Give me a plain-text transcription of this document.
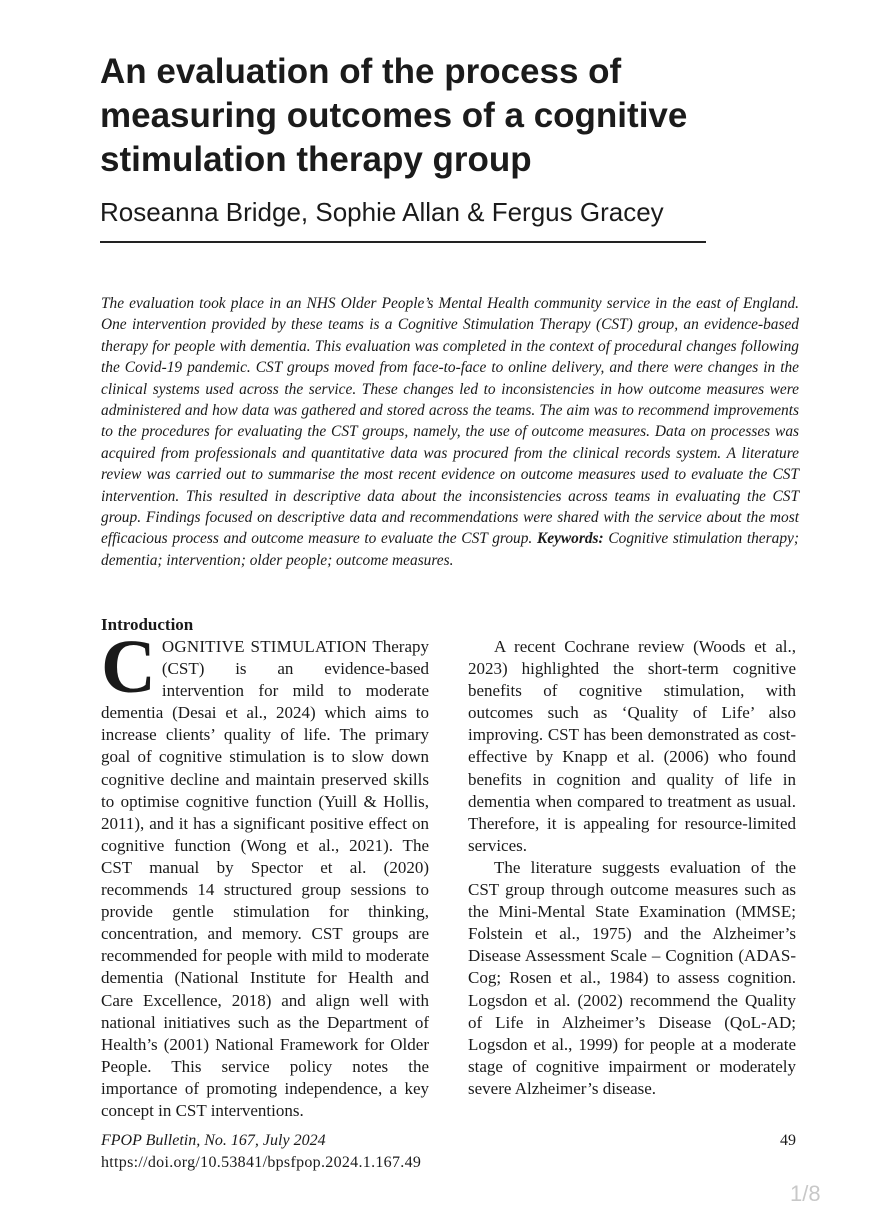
An evaluation of the process of measuring outcomes of a cognitive stimulation therapy group
Roseanna Bridge, Sophie Allan & Fergus Gracey

The evaluation took place in an NHS Older People’s Mental Health community service in the east of England. One intervention provided by these teams is a Cognitive Stimulation Therapy (CST) group, an evidence-based therapy for people with dementia. This evaluation was completed in the context of procedural changes following the Covid-19 pandemic. CST groups moved from face-to-face to online delivery, and there were changes in the clinical systems used across the service. These changes led to inconsistencies in how outcome measures were administered and how data was gathered and stored across the teams. The aim was to recommend improvements to the procedures for evaluating the CST groups, namely, the use of outcome measures. Data on processes was acquired from professionals and quantitative data was procured from the clinical records system. A literature review was carried out to summarise the most recent evidence on outcome measures used to evaluate the CST intervention. This resulted in descriptive data about the inconsistencies across teams in evaluating the CST group. Findings focused on descriptive data and recommendations were shared with the service about the most efficacious process and outcome measure to evaluate the CST group. Keywords: Cognitive stimulation therapy; dementia; intervention; older people; outcome measures.

Introduction

COGNITIVE STIMULATION Therapy (CST) is an evidence-based intervention for mild to moderate dementia (Desai et al., 2024) which aims to increase clients’ quality of life. The primary goal of cognitive stimulation is to slow down cognitive decline and maintain preserved skills to optimise cognitive function (Yuill & Hollis, 2011), and it has a significant positive effect on cognitive function (Wong et al., 2021). The CST manual by Spector et al. (2020) recommends 14 structured group sessions to provide gentle stimulation for thinking, concentration, and memory. CST groups are recommended for people with mild to moderate dementia (National Institute for Health and Care Excellence, 2018) and align well with national initiatives such as the Department of Health’s (2001) National Framework for Older People. This service policy notes the importance of promoting independence, a key concept in CST interventions.

A recent Cochrane review (Woods et al., 2023) highlighted the short-term cognitive benefits of cognitive stimulation, with outcomes such as ‘Quality of Life’ also improving. CST has been demonstrated as cost-effective by Knapp et al. (2006) who found benefits in cognition and quality of life in dementia when compared to treatment as usual. Therefore, it is appealing for resource-limited services.

The literature suggests evaluation of the CST group through outcome measures such as the Mini-Mental State Examination (MMSE; Folstein et al., 1975) and the Alzheimer’s Disease Assessment Scale – Cognition (ADAS-Cog; Rosen et al., 1984) to assess cognition. Logsdon et al. (2002) recommend the Quality of Life in Alzheimer’s Disease (QoL-AD; Logsdon et al., 1999) for people at a moderate stage of cognitive impairment or moderately severe Alzheimer’s disease.

FPOP Bulletin, No. 167, July 2024
https://doi.org/10.53841/bpsfpop.2024.1.167.49
49
1/8
